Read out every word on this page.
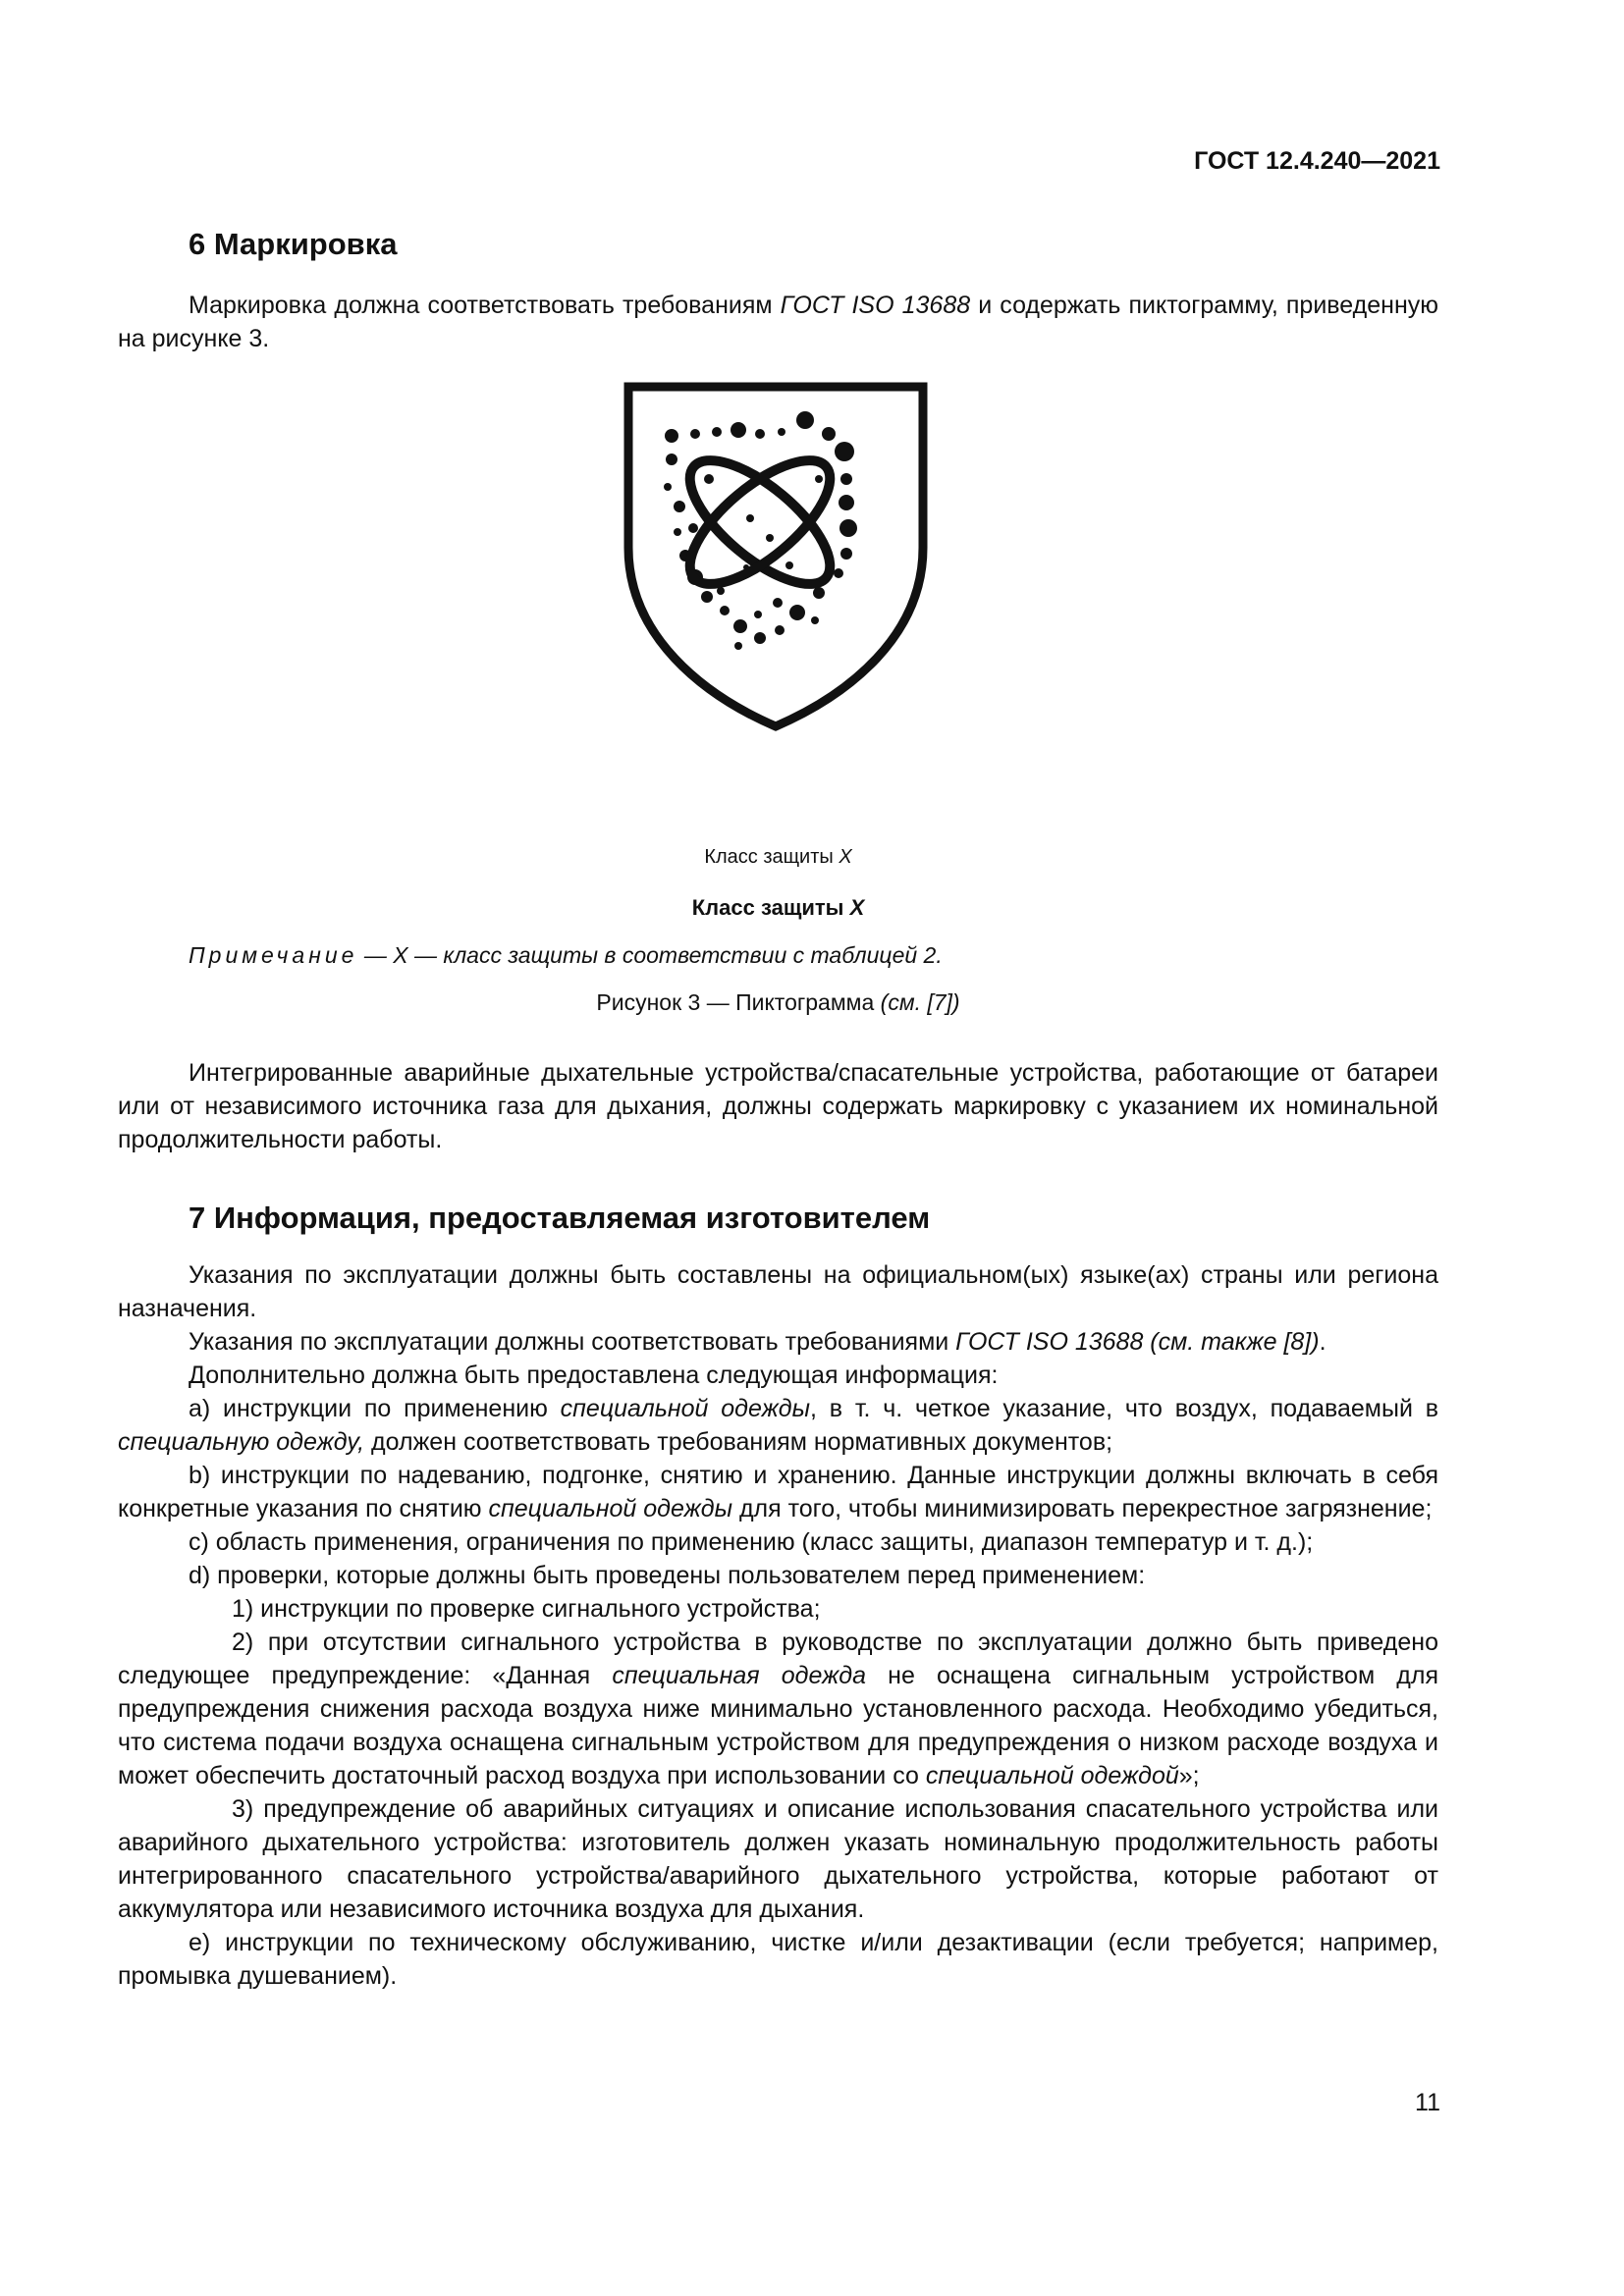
ГОСТ 12.4.240—2021
6 Маркировка

Маркировка должна соответствовать требованиям ГОСТ ISO 13688 и содержать пиктограмму, приведенную на рисунке 3.

Класс защиты X

Класс защиты X

Примечание — X — класс защиты в соответствии с таблицей 2.

Рисунок 3 — Пиктограмма (см. [7])

Интегрированные аварийные дыхательные устройства/спасательные устройства, работающие от батареи или от независимого источника газа для дыхания, должны содержать маркировку с указанием их номинальной продолжительности работы.

7 Информация, предоставляемая изготовителем

Указания по эксплуатации должны быть составлены на официальном(ых) языке(ах) страны или региона назначения.

Указания по эксплуатации должны соответствовать требованиями ГОСТ ISO 13688 (см. также [8]).

Дополнительно должна быть предоставлена следующая информация:

a) инструкции по применению специальной одежды, в т. ч. четкое указание, что воздух, подаваемый в специальную одежду, должен соответствовать требованиям нормативных документов;

b) инструкции по надеванию, подгонке, снятию и хранению. Данные инструкции должны включать в себя конкретные указания по снятию специальной одежды для того, чтобы минимизировать перекрестное загрязнение;

c) область применения, ограничения по применению (класс защиты, диапазон температур и т. д.);

d) проверки, которые должны быть проведены пользователем перед применением:

1) инструкции по проверке сигнального устройства;

2) при отсутствии сигнального устройства в руководстве по эксплуатации должно быть приведено следующее предупреждение: «Данная специальная одежда не оснащена сигнальным устройством для предупреждения снижения расхода воздуха ниже минимально установленного расхода. Необходимо убедиться, что система подачи воздуха оснащена сигнальным устройством для предупреждения о низком расходе воздуха и может обеспечить достаточный расход воздуха при использовании со специальной одеждой»;

3) предупреждение об аварийных ситуациях и описание использования спасательного устройства или аварийного дыхательного устройства: изготовитель должен указать номинальную продолжительность работы интегрированного спасательного устройства/аварийного дыхательного устройства, которые работают от аккумулятора или независимого источника воздуха для дыхания.

e) инструкции по техническому обслуживанию, чистке и/или дезактивации (если требуется; например, промывка душеванием).

11
